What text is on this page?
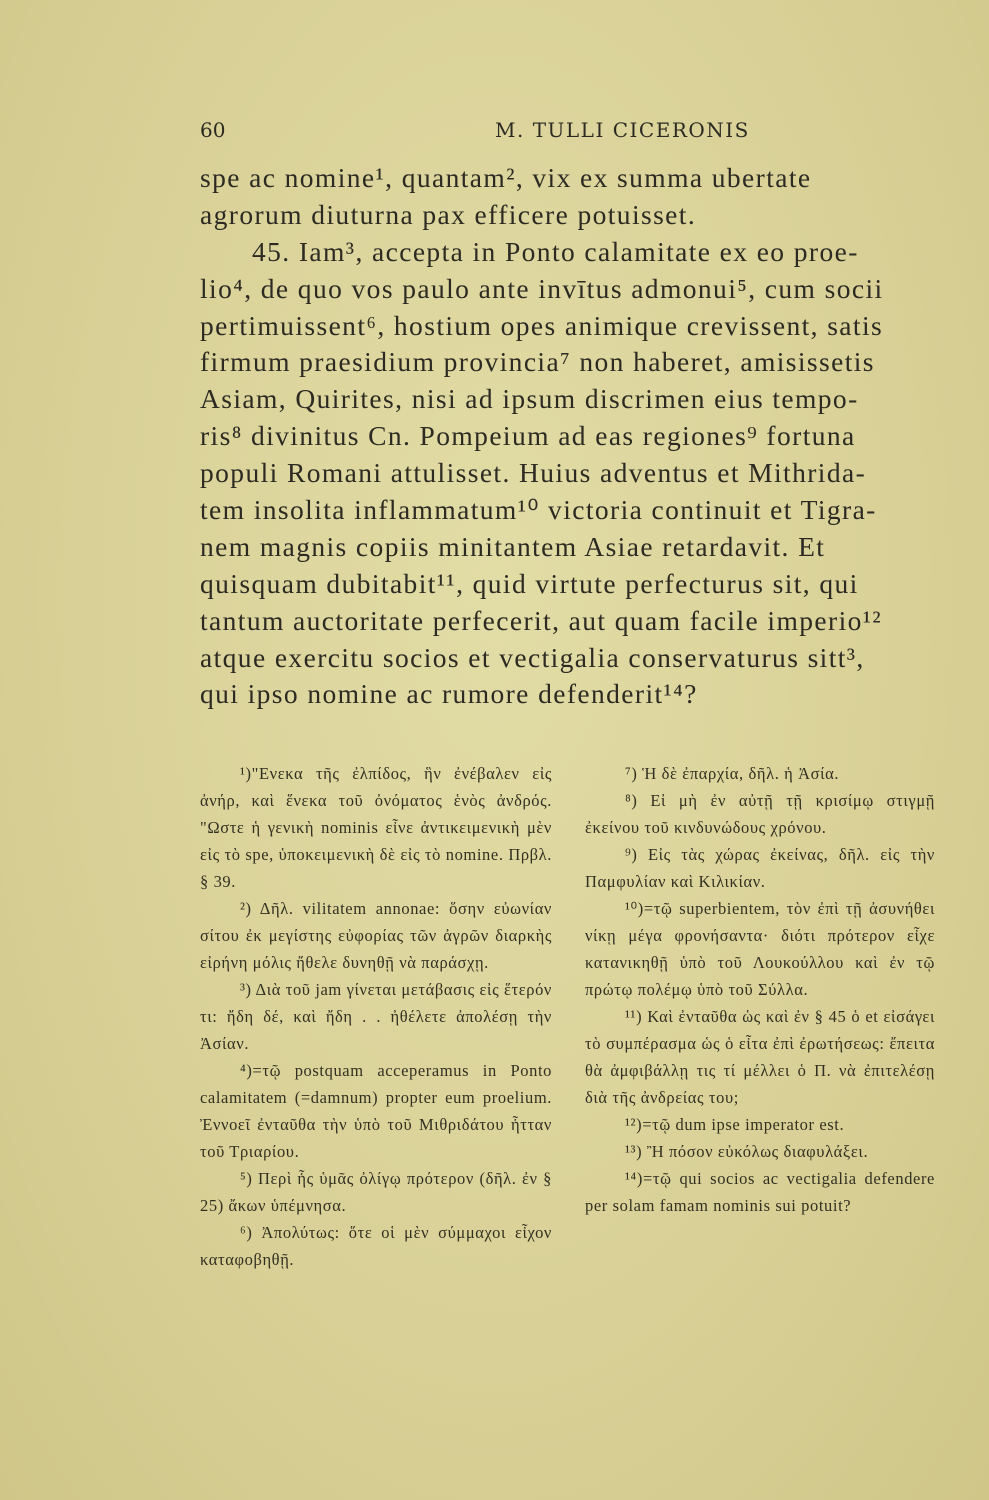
60	M. TULLI CICERONIS
spe ac nomine¹, quantam², vix ex summa ubertate
agrorum diuturna pax efficere potuisset.
45. Iam³, accepta in Ponto calamitate ex eo proe-
lio⁴, de quo vos paulo ante invītus admonui⁵, cum socii
pertimuissent⁶, hostium opes animique crevissent, satis
firmum praesidium provincia⁷ non haberet, amisissetis
Asiam, Quirites, nisi ad ipsum discrimen eius tempo-
ris⁸ divinitus Cn. Pompeium ad eas regiones⁹ fortuna
populi Romani attulisset. Huius adventus et Mithrida-
tem insolita inflammatum¹⁰ victoria continuit et Tigra-
nem magnis copiis minitantem Asiae retardavit. Et
quisquam dubitabit¹¹, quid virtute perfecturus sit, qui
tantum auctoritate perfecerit, aut quam facile imperio¹²
atque exercitu socios et vectigalia conservaturus sitt³,
qui ipso nomine ac rumore defenderit¹⁴?

¹)"Ενεκα τῆς ἐλπίδος, ἣν ἐνέβαλεν εἰς ἀνήρ, καὶ ἕνεκα τοῦ ὀνόματος ἑνὸς ἀνδρός. "Ωστε ἡ γενικὴ nominis εἶνε ἀντικειμενικὴ μὲν εἰς τὸ spe, ὑποκειμενικὴ δὲ εἰς τὸ nomine. Πρβλ. § 39.

²) Δῆλ. vilitatem annonae: ὅσην εὐωνίαν σίτου ἐκ μεγίστης εὐφορίας τῶν ἀγρῶν διαρκὴς εἰρήνη μόλις ἤθελε δυνηθῇ νὰ παράσχῃ.

³) Διὰ τοῦ jam γίνεται μετάβασις εἰς ἕτερόν τι: ἤδη δέ, καὶ ἤδη . . ἠθέλετε ἀπολέσῃ τὴν Ἀσίαν.

⁴)=τῷ postquam acceperamus in Ponto calamitatem (=damnum) propter eum proelium. Ἐννοεῖ ἐνταῦθα τὴν ὑπὸ τοῦ Μιθριδάτου ἧτταν τοῦ Τριαρίου.

⁵) Περὶ ἧς ὑμᾶς ὀλίγῳ πρότερον (δῆλ. ἐν § 25) ἄκων ὑπέμνησα.

⁶) Ἀπολύτως: ὅτε οἱ μὲν σύμμαχοι εἶχον καταφοβηθῇ.

⁷) Ἡ δὲ ἐπαρχία, δῆλ. ἡ Ἀσία.

⁸) Εἰ μὴ ἐν αὐτῇ τῇ κρισίμῳ στιγμῇ ἐκείνου τοῦ κινδυνώδους χρόνου.

⁹) Εἰς τὰς χώρας ἐκείνας, δῆλ. εἰς τὴν Παμφυλίαν καὶ Κιλικίαν.

¹⁰)=τῷ superbientem, τὸν ἐπὶ τῇ ἀσυνήθει νίκῃ μέγα φρονήσαντα· διότι πρότερον εἶχε κατανικηθῇ ὑπὸ τοῦ Λουκούλλου καὶ ἐν τῷ πρώτῳ πολέμῳ ὑπὸ τοῦ Σύλλα.

¹¹) Καὶ ἐνταῦθα ὡς καὶ ἐν § 45 ὁ et εἰσάγει τὸ συμπέρασμα ὡς ὁ εἶτα ἐπὶ ἐρωτήσεως: ἔπειτα θὰ ἀμφιβάλλῃ τις τί μέλλει ὁ Π. νὰ ἐπιτελέσῃ διὰ τῆς ἀνδρείας του;

¹²)=τῷ dum ipse imperator est.

¹³) Ἢ πόσον εὐκόλως διαφυλάξει.

¹⁴)=τῷ qui socios ac vectigalia defendere per solam famam nominis sui potuit?
